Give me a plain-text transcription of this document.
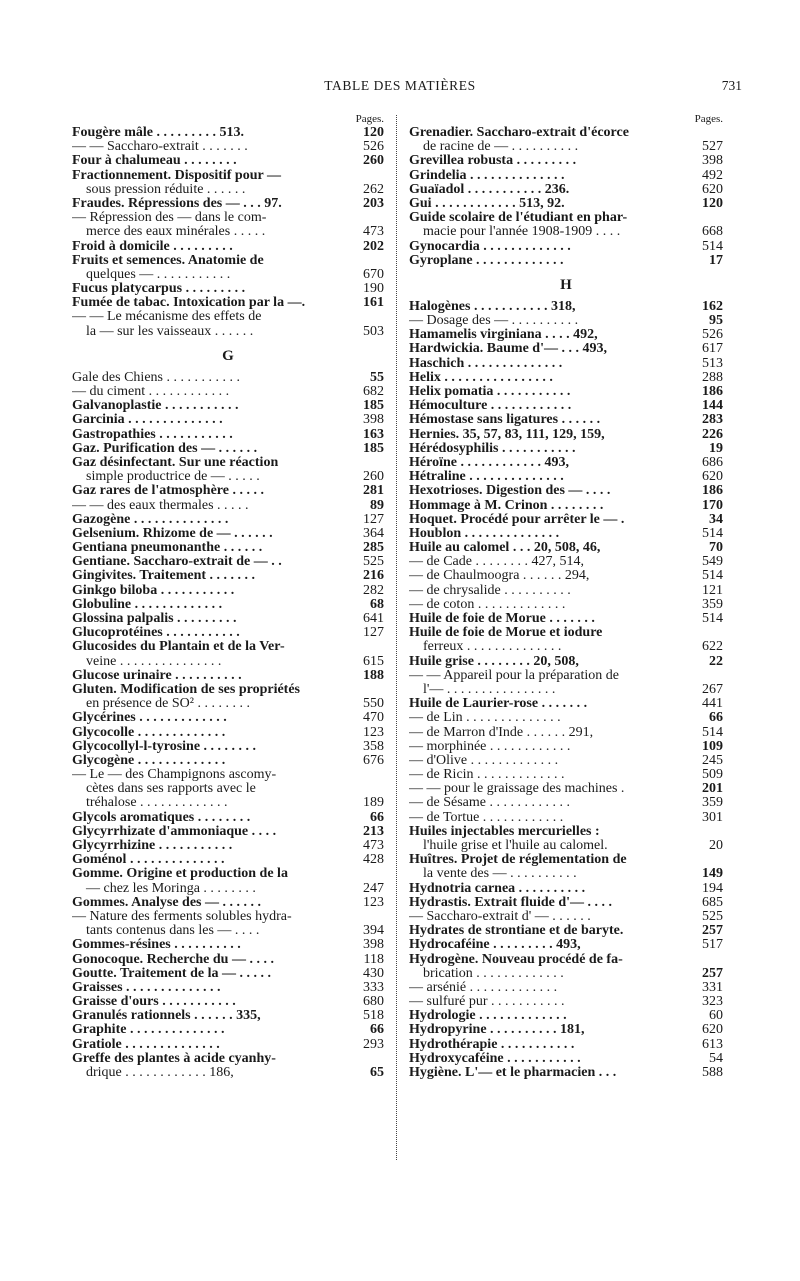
TABLE DES MATIÈRES	731
Pages.
Fougère mâle . . . . . . . . . 513.	120
— — Saccharo-extrait . . . . . . .	526
Four à chalumeau . . . . . . . .	260
Fractionnement. Dispositif pour —
sous pression réduite . . . . . .	262
Fraudes. Répressions des — . . . 97.	203
— Répression des — dans le com-
merce des eaux minérales . . . . .	473
Froid à domicile . . . . . . . . .	202
Fruits et semences. Anatomie de
quelques — . . . . . . . . . . .	670
Fucus platycarpus . . . . . . . . .	190
Fumée de tabac. Intoxication par la —.	161
— — Le mécanisme des effets de
la — sur les vaisseaux . . . . . .	503
G
Gale des Chiens . . . . . . . . . . .	55
— du ciment . . . . . . . . . . . .	682
Galvanoplastie . . . . . . . . . . .	185
Garcinia . . . . . . . . . . . . . .	398
Gastropathies . . . . . . . . . . .	163
Gaz. Purification des — . . . . . .	185
Gaz désinfectant. Sur une réaction
simple productrice de — . . . . .	260
Gaz rares de l'atmosphère . . . . .	281
— — des eaux thermales . . . . .	89
Gazogène . . . . . . . . . . . . . .	127
Gelsenium. Rhizome de — . . . . . .	364
Gentiana pneumonanthe . . . . . .	285
Gentiane. Saccharo-extrait de — . .	525
Gingivites. Traitement . . . . . . .	216
Ginkgo biloba . . . . . . . . . . .	282
Globuline . . . . . . . . . . . . .	68
Glossina palpalis . . . . . . . . .	641
Glucoprotéines . . . . . . . . . . .	127
Glucosides du Plantain et de la Ver-
veine . . . . . . . . . . . . . . .	615
Glucose urinaire . . . . . . . . . .	188
Gluten. Modification de ses propriétés
en présence de SO² . . . . . . . .	550
Glycérines . . . . . . . . . . . . .	470
Glycocolle . . . . . . . . . . . . .	123
Glycocollyl-l-tyrosine . . . . . . . .	358
Glycogène . . . . . . . . . . . . .	676
— Le — des Champignons ascomy-
cètes dans ses rapports avec le
tréhalose . . . . . . . . . . . . .	189
Glycols aromatiques . . . . . . . .	66
Glycyrrhizate d'ammoniaque . . . .	213
Glycyrrhizine . . . . . . . . . . .	473
Goménol . . . . . . . . . . . . . .	428
Gomme. Origine et production de la
— chez les Moringa . . . . . . . .	247
Gommes. Analyse des — . . . . . .	123
— Nature des ferments solubles hydra-
tants contenus dans les — . . . .	394
Gommes-résines . . . . . . . . . .	398
Gonocoque. Recherche du — . . . .	118
Goutte. Traitement de la — . . . . .	430
Graisses . . . . . . . . . . . . . .	333
Graisse d'ours . . . . . . . . . . .	680
Granulés rationnels . . . . . . 335,	518
Graphite . . . . . . . . . . . . . .	66
Gratiole . . . . . . . . . . . . . .	293
Greffe des plantes à acide cyanhy-
drique . . . . . . . . . . . . 186,	65
Pages.
Grenadier. Saccharo-extrait d'écorce
de racine de — . . . . . . . . . .	527
Grevillea robusta . . . . . . . . .	398
Grindelia . . . . . . . . . . . . . .	492
Guaïadol . . . . . . . . . . . 236.	620
Gui . . . . . . . . . . . . 513, 92.	120
Guide scolaire de l'étudiant en phar-
macie pour l'année 1908-1909 . . . .	668
Gynocardia . . . . . . . . . . . . .	514
Gyroplane . . . . . . . . . . . . .	17
H
Halogènes . . . . . . . . . . . 318,	162
— Dosage des — . . . . . . . . . .	95
Hamamelis virginiana . . . . 492,	526
Hardwickia. Baume d'— . . . 493,	617
Haschich . . . . . . . . . . . . . .	513
Helix . . . . . . . . . . . . . . . .	288
Helix pomatia . . . . . . . . . . .	186
Hémoculture . . . . . . . . . . . .	144
Hémostase sans ligatures . . . . . .	283
Hernies. 35, 57, 83, 111, 129, 159,	226
Hérédosyphilis . . . . . . . . . . .	19
Héroïne . . . . . . . . . . . . 493,	686
Hétraline . . . . . . . . . . . . . .	620
Hexotrioses. Digestion des — . . . .	186
Hommage à M. Crinon . . . . . . . .	170
Hoquet. Procédé pour arrêter le — .	34
Houblon . . . . . . . . . . . . . .	514
Huile au calomel . . . 20, 508, 46,	70
— de Cade . . . . . . . . 427, 514,	549
— de Chaulmoogra . . . . . . 294,	514
— de chrysalide . . . . . . . . . .	121
— de coton . . . . . . . . . . . . .	359
Huile de foie de Morue . . . . . . .	514
Huile de foie de Morue et iodure
ferreux . . . . . . . . . . . . . .	622
Huile grise . . . . . . . . 20, 508,	22
— — Appareil pour la préparation de
l'— . . . . . . . . . . . . . . . .	267
Huile de Laurier-rose . . . . . . .	441
— de Lin . . . . . . . . . . . . . .	66
— de Marron d'Inde . . . . . . 291,	514
— morphinée . . . . . . . . . . . .	109
— d'Olive . . . . . . . . . . . . .	245
— de Ricin . . . . . . . . . . . . .	509
— — pour le graissage des machines .	201
— de Sésame . . . . . . . . . . . .	359
— de Tortue . . . . . . . . . . . .	301
Huiles injectables mercurielles :
l'huile grise et l'huile au calomel.	20
Huîtres. Projet de réglementation de
la vente des — . . . . . . . . . .	149
Hydnotria carnea . . . . . . . . . .	194
Hydrastis. Extrait fluide d'— . . . .	685
— Saccharo-extrait d' — . . . . . .	525
Hydrates de strontiane et de baryte.	257
Hydrocaféine . . . . . . . . . 493,	517
Hydrogène. Nouveau procédé de fa-
brication . . . . . . . . . . . . .	257
— arsénié . . . . . . . . . . . . .	331
— sulfuré pur . . . . . . . . . . .	323
Hydrologie . . . . . . . . . . . . .	60
Hydropyrine . . . . . . . . . . 181,	620
Hydrothérapie . . . . . . . . . . .	613
Hydroxycaféine . . . . . . . . . . .	54
Hygiène. L'— et le pharmacien . . .	588
